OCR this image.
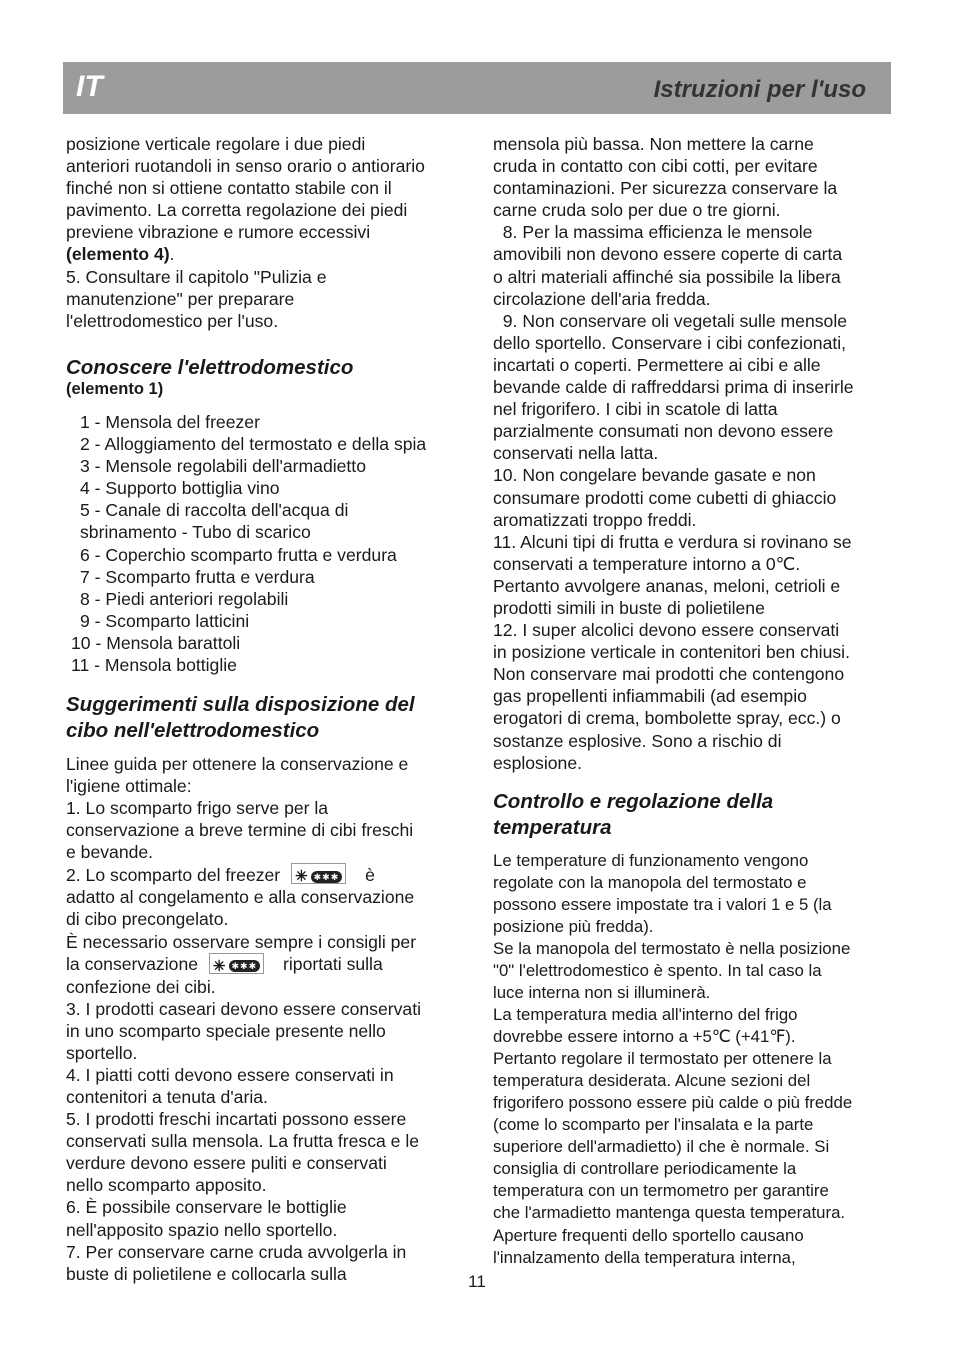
IT	Istruzioni per l'uso
posizione verticale regolare i due piedi
anteriori ruotandoli in senso orario o antiorario
finché non si ottiene contatto stabile con il
pavimento. La corretta regolazione dei piedi
previene vibrazione e rumore eccessivi
(elemento 4).
5. Consultare il capitolo "Pulizia e
manutenzione" per preparare
l'elettrodomestico per l'uso.
Conoscere l'elettrodomestico
(elemento 1)
1 - Mensola del freezer
2 - Alloggiamento del termostato e della spia
3 - Mensole regolabili dell'armadietto
4 - Supporto bottiglia vino
5 - Canale di raccolta dell'acqua di
sbrinamento - Tubo di scarico
6 - Coperchio scomparto frutta e verdura
7 - Scomparto frutta e verdura
8 - Piedi anteriori regolabili
9 - Scomparto latticini
10 - Mensola barattoli
11 - Mensola bottiglie
Suggerimenti sulla disposizione del
cibo nell'elettrodomestico
Linee guida per ottenere la conservazione e
l'igiene ottimale:
1. Lo scomparto frigo serve per la
conservazione a breve termine di cibi freschi
e bevande.
2. Lo scomparto del freezer ✳ ✱✱✱ è
adatto al congelamento e alla conservazione
di cibo precongelato.
È necessario osservare sempre i consigli per
la conservazione ✳ ✱✱✱ riportati sulla
confezione dei cibi.
3. I prodotti caseari devono essere conservati
in uno scomparto speciale presente nello
sportello.
4. I piatti cotti devono essere conservati in
contenitori a tenuta d'aria.
5. I prodotti freschi incartati possono essere
conservati sulla mensola. La frutta fresca e le
verdure devono essere puliti e conservati
nello scomparto apposito.
6. È possibile conservare le bottiglie
nell'apposito spazio nello sportello.
7. Per conservare carne cruda avvolgerla in
buste di polietilene e collocarla sulla
mensola più bassa. Non mettere la carne
cruda in contatto con cibi cotti, per evitare
contaminazioni. Per sicurezza conservare la
carne cruda solo per due o tre giorni.
8. Per la massima efficienza le mensole
amovibili non devono essere coperte di carta
o altri materiali affinché sia possibile la libera
circolazione dell'aria fredda.
9. Non conservare oli vegetali sulle mensole
dello sportello. Conservare i cibi confezionati,
incartati o coperti. Permettere ai cibi e alle
bevande calde di raffreddarsi prima di inserirle
nel frigorifero. I cibi in scatole di latta
parzialmente consumati non devono essere
conservati nella latta.
10. Non congelare bevande gasate e non
consumare prodotti come cubetti di ghiaccio
aromatizzati troppo freddi.
11. Alcuni tipi di frutta e verdura si rovinano se
conservati a temperature intorno a 0℃.
Pertanto avvolgere ananas, meloni, cetrioli e
prodotti simili in buste di polietilene
12. I super alcolici devono essere conservati
in posizione verticale in contenitori ben chiusi.
Non conservare mai prodotti che contengono
gas propellenti infiammabili (ad esempio
erogatori di crema, bombolette spray, ecc.) o
sostanze esplosive. Sono a rischio di
esplosione.
Controllo e regolazione della
temperatura
Le temperature di funzionamento vengono
regolate con la manopola del termostato e
possono essere impostate tra i valori 1 e 5 (la
posizione più fredda).
Se la manopola del termostato è nella posizione
"0" l'elettrodomestico è spento. In tal caso la
luce interna non si illuminerà.
La temperatura media all'interno del frigo
dovrebbe essere intorno a +5℃ (+41℉).
Pertanto regolare il termostato per ottenere la
temperatura desiderata. Alcune sezioni del
frigorifero possono essere più calde o più fredde
(come lo scomparto per l'insalata e la parte
superiore dell'armadietto) il che è normale. Si
consiglia di controllare periodicamente la
temperatura con un termometro per garantire
che l'armadietto mantenga questa temperatura.
Aperture frequenti dello sportello causano
l'innalzamento della temperatura interna,
11
